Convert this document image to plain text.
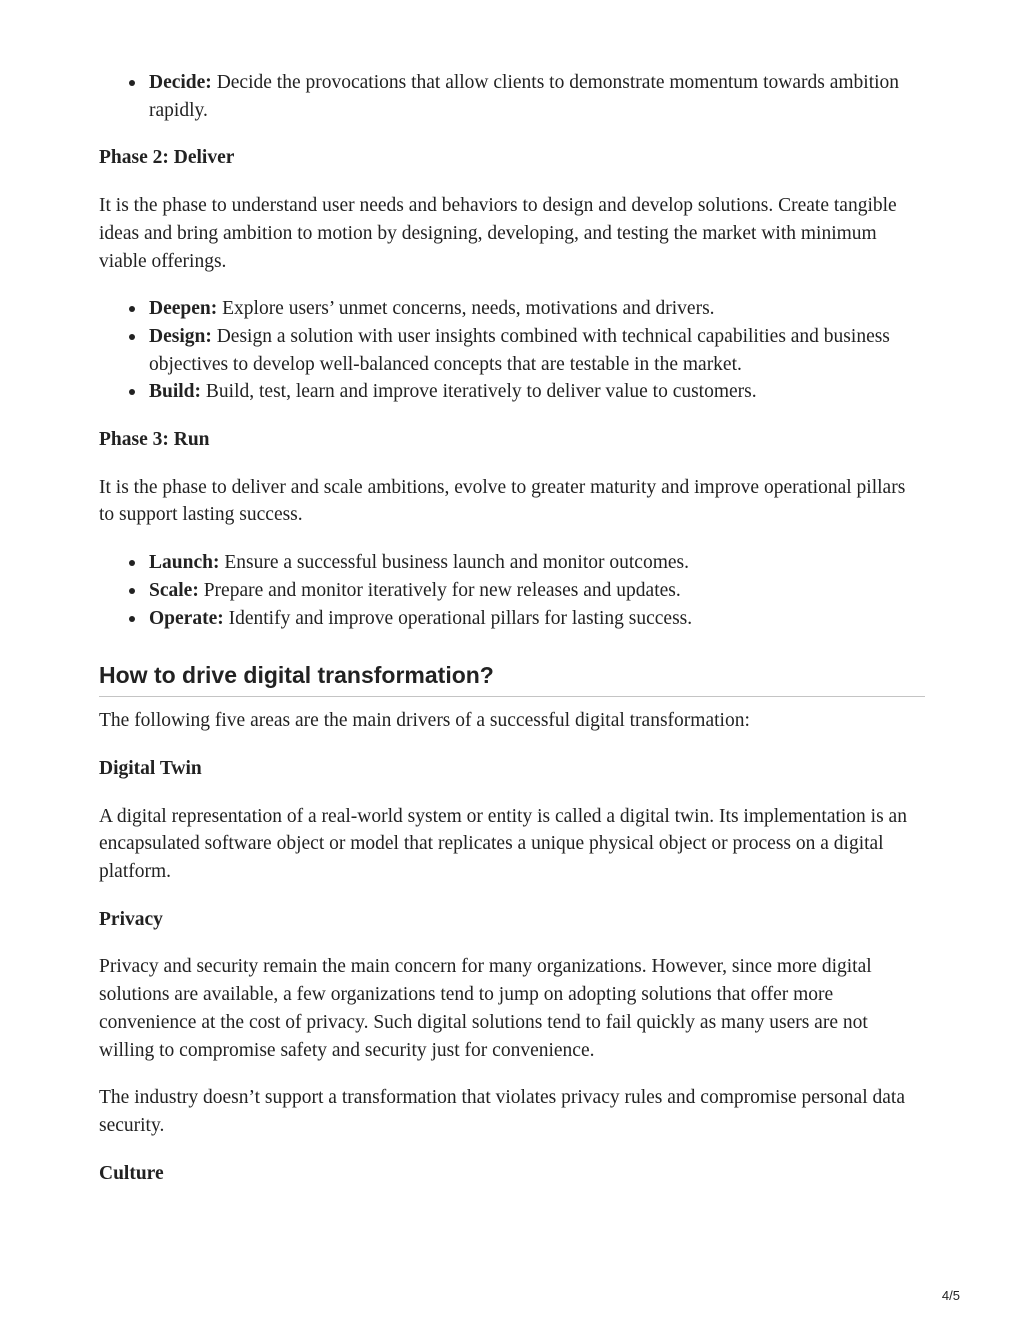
Decide: Decide the provocations that allow clients to demonstrate momentum towards ambition rapidly.

Phase 2: Deliver

It is the phase to understand user needs and behaviors to design and develop solutions. Create tangible ideas and bring ambition to motion by designing, developing, and testing the market with minimum viable offerings.

Deepen: Explore users’ unmet concerns, needs, motivations and drivers.
Design: Design a solution with user insights combined with technical capabilities and business objectives to develop well-balanced concepts that are testable in the market.
Build: Build, test, learn and improve iteratively to deliver value to customers.

Phase 3: Run

It is the phase to deliver and scale ambitions, evolve to greater maturity and improve operational pillars to support lasting success.

Launch: Ensure a successful business launch and monitor outcomes.
Scale: Prepare and monitor iteratively for new releases and updates.
Operate: Identify and improve operational pillars for lasting success.
How to drive digital transformation?

The following five areas are the main drivers of a successful digital transformation:

Digital Twin

A digital representation of a real-world system or entity is called a digital twin. Its implementation is an encapsulated software object or model that replicates a unique physical object or process on a digital platform.

Privacy

Privacy and security remain the main concern for many organizations. However, since more digital solutions are available, a few organizations tend to jump on adopting solutions that offer more convenience at the cost of privacy. Such digital solutions tend to fail quickly as many users are not willing to compromise safety and security just for convenience.

The industry doesn’t support a transformation that violates privacy rules and compromise personal data security.

Culture

4/5
